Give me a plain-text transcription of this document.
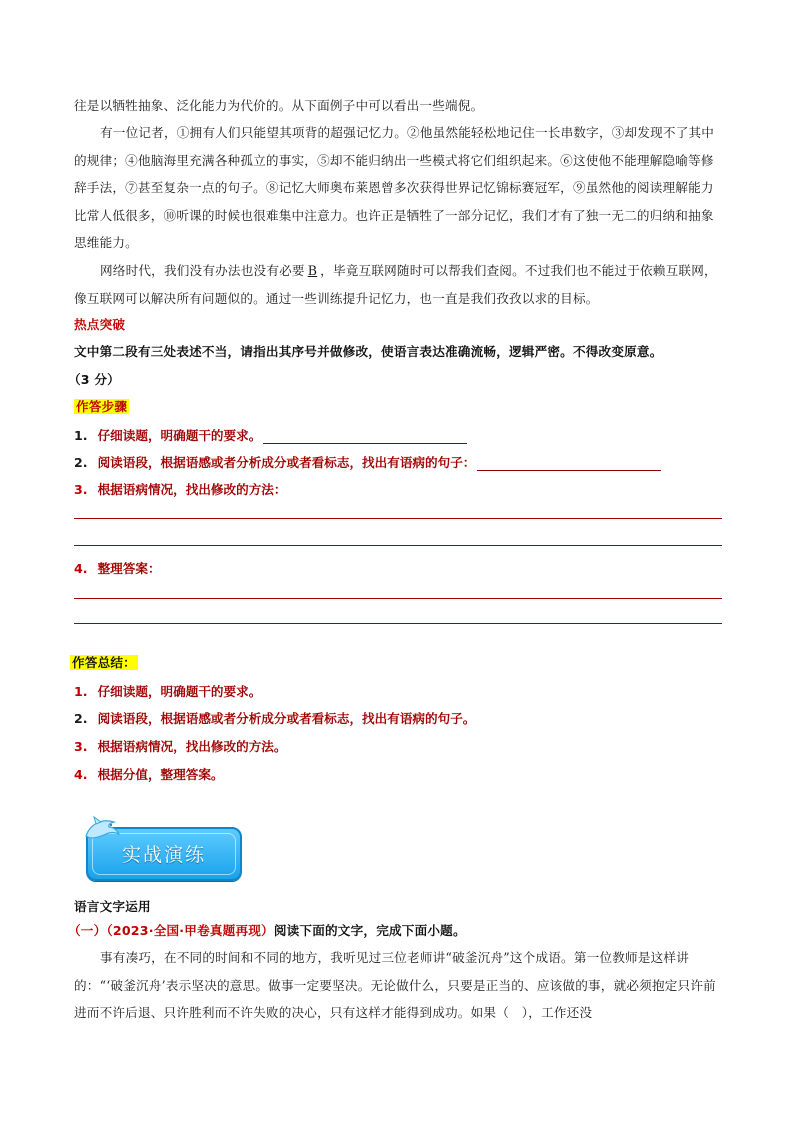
往是以牺牲抽象、泛化能力为代价的。从下面例子中可以看出一些端倪。

有一位记者，①拥有人们只能望其项背的超强记忆力。②他虽然能轻松地记住一长串数字，③却发现不了其中的规律；④他脑海里充满各种孤立的事实，⑤却不能归纳出一些模式将它们组织起来。⑥这使他不能理解隐喻等修辞手法，⑦甚至复杂一点的句子。⑧记忆大师奥布莱恩曾多次获得世界记忆锦标赛冠军，⑨虽然他的阅读理解能力比常人低很多，⑩听课的时候也很难集中注意力。也许正是牺牲了一部分记忆，我们才有了独一无二的归纳和抽象思维能力。

网络时代，我们没有办法也没有必要 B ，毕竟互联网随时可以帮我们查阅。不过我们也不能过于依赖互联网，像互联网可以解决所有问题似的。通过一些训练提升记忆力，也一直是我们孜孜以求的目标。

热点突破
文中第二段有三处表述不当，请指出其序号并做修改，使语言表达准确流畅，逻辑严密。不得改变原意。
（3 分）
作答步骤
1. 仔细读题，明确题干的要求。
2. 阅读语段，根据语感或者分析成分或者看标志，找出有语病的句子：
3. 根据语病情况，找出修改的方法：
4. 整理答案：
作答总结：
1. 仔细读题，明确题干的要求。
2. 阅读语段，根据语感或者分析成分或者看标志，找出有语病的句子。
3. 根据语病情况，找出修改的方法。
4. 根据分值，整理答案。
实战演练
语言文字运用
（一）（2023·全国·甲卷真题再现）阅读下面的文字，完成下面小题。

事有凑巧，在不同的时间和不同的地方，我听见过三位老师讲“破釜沉舟”这个成语。第一位教师是这样讲的：“‘破釜沉舟’表示坚决的意思。做事一定要坚决。无论做什么，只要是正当的、应该做的事，就必须抱定只许前进而不许后退、只许胜利而不许失败的决心，只有这样才能得到成功。如果（　），工作还没
